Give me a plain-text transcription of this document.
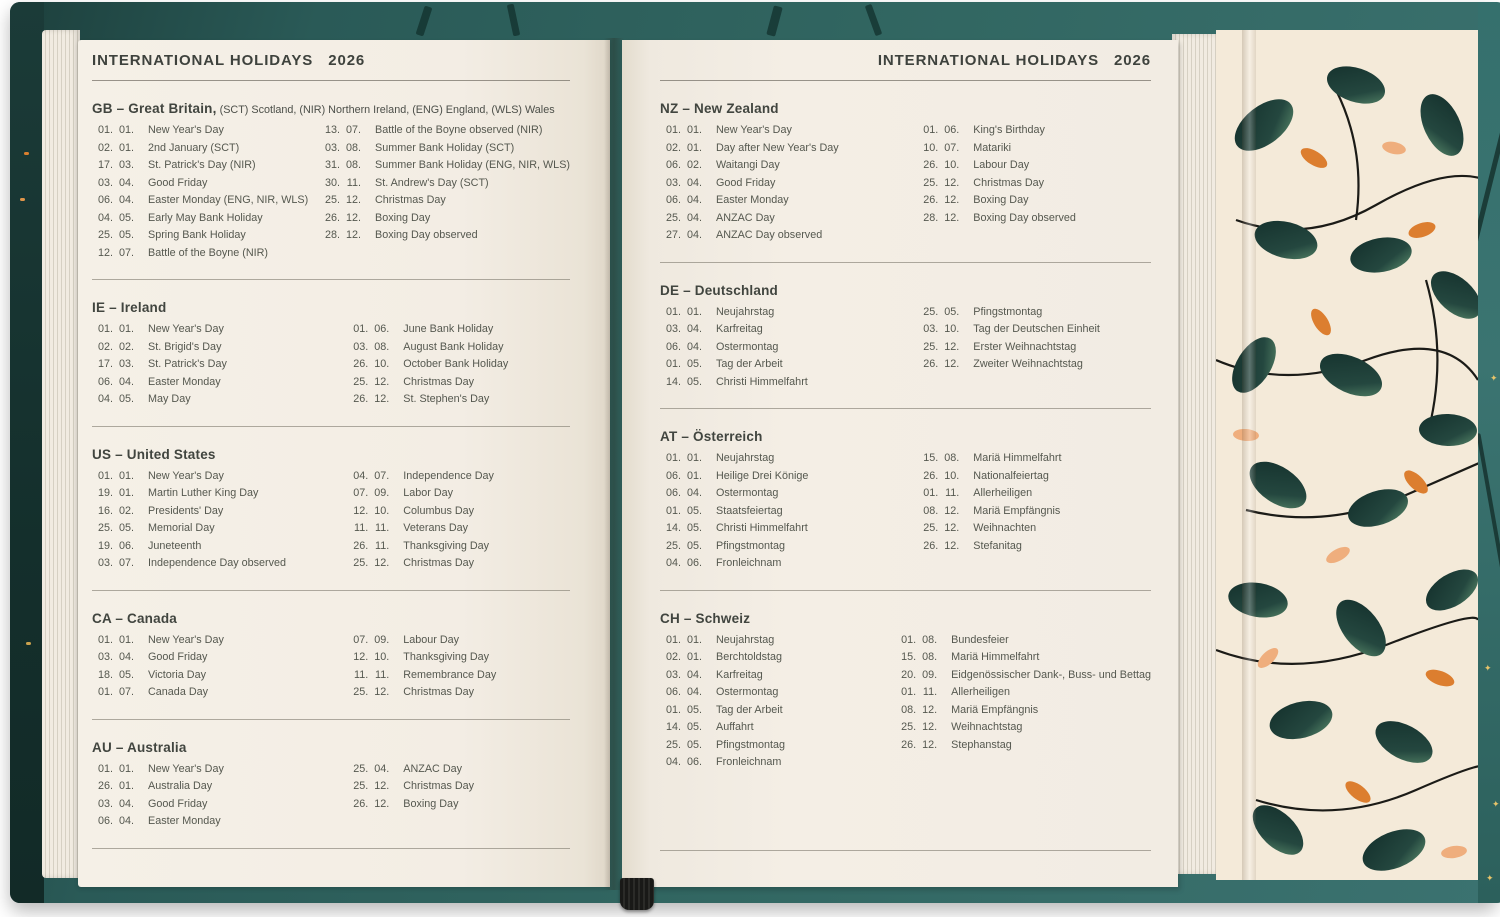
INTERNATIONAL HOLIDAYS 2026
GB – Great Britain, (SCT) Scotland, (NIR) Northern Ireland, (ENG) England, (WLS) Wales
01. 01. New Year's Day
02. 01. 2nd January (SCT)
17. 03. St. Patrick's Day (NIR)
03. 04. Good Friday
06. 04. Easter Monday (ENG, NIR, WLS)
04. 05. Early May Bank Holiday
25. 05. Spring Bank Holiday
12. 07. Battle of the Boyne (NIR)
13. 07. Battle of the Boyne observed (NIR)
03. 08. Summer Bank Holiday (SCT)
31. 08. Summer Bank Holiday (ENG, NIR, WLS)
30. 11. St. Andrew's Day (SCT)
25. 12. Christmas Day
26. 12. Boxing Day
28. 12. Boxing Day observed
IE – Ireland
01. 01. New Year's Day
02. 02. St. Brigid's Day
17. 03. St. Patrick's Day
06. 04. Easter Monday
04. 05. May Day
01. 06. June Bank Holiday
03. 08. August Bank Holiday
26. 10. October Bank Holiday
25. 12. Christmas Day
26. 12. St. Stephen's Day
US – United States
01. 01. New Year's Day
19. 01. Martin Luther King Day
16. 02. Presidents' Day
25. 05. Memorial Day
19. 06. Juneteenth
03. 07. Independence Day observed
04. 07. Independence Day
07. 09. Labor Day
12. 10. Columbus Day
11. 11. Veterans Day
26. 11. Thanksgiving Day
25. 12. Christmas Day
CA – Canada
01. 01. New Year's Day
03. 04. Good Friday
18. 05. Victoria Day
01. 07. Canada Day
07. 09. Labour Day
12. 10. Thanksgiving Day
11. 11. Remembrance Day
25. 12. Christmas Day
AU – Australia
01. 01. New Year's Day
26. 01. Australia Day
03. 04. Good Friday
06. 04. Easter Monday
25. 04. ANZAC Day
25. 12. Christmas Day
26. 12. Boxing Day
INTERNATIONAL HOLIDAYS 2026
NZ – New Zealand
01. 01. New Year's Day
02. 01. Day after New Year's Day
06. 02. Waitangi Day
03. 04. Good Friday
06. 04. Easter Monday
25. 04. ANZAC Day
27. 04. ANZAC Day observed
01. 06. King's Birthday
10. 07. Matariki
26. 10. Labour Day
25. 12. Christmas Day
26. 12. Boxing Day
28. 12. Boxing Day observed
DE – Deutschland
01. 01. Neujahrstag
03. 04. Karfreitag
06. 04. Ostermontag
01. 05. Tag der Arbeit
14. 05. Christi Himmelfahrt
25. 05. Pfingstmontag
03. 10. Tag der Deutschen Einheit
25. 12. Erster Weihnachtstag
26. 12. Zweiter Weihnachtstag
AT – Österreich
01. 01. Neujahrstag
06. 01. Heilige Drei Könige
06. 04. Ostermontag
01. 05. Staatsfeiertag
14. 05. Christi Himmelfahrt
25. 05. Pfingstmontag
04. 06. Fronleichnam
15. 08. Mariä Himmelfahrt
26. 10. Nationalfeiertag
01. 11. Allerheiligen
08. 12. Mariä Empfängnis
25. 12. Weihnachten
26. 12. Stefanitag
CH – Schweiz
01. 01. Neujahrstag
02. 01. Berchtoldstag
03. 04. Karfreitag
06. 04. Ostermontag
01. 05. Tag der Arbeit
14. 05. Auffahrt
25. 05. Pfingstmontag
04. 06. Fronleichnam
01. 08. Bundesfeier
15. 08. Mariä Himmelfahrt
20. 09. Eidgenössischer Dank-, Buss- und Bettag
01. 11. Allerheiligen
08. 12. Mariä Empfängnis
25. 12. Weihnachtstag
26. 12. Stephanstag
✦
✦
✦
✦
